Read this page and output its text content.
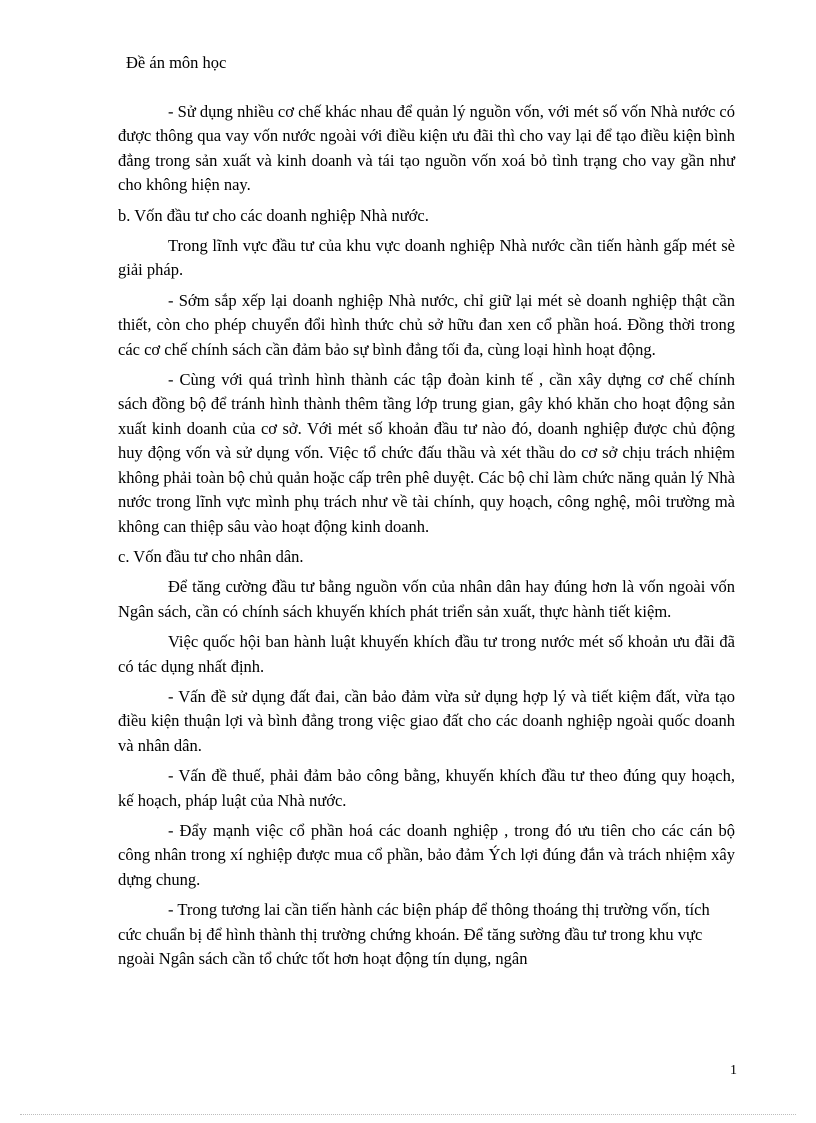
Đề án môn học

- Sử dụng nhiều cơ chế khác nhau để quản lý nguồn vốn, với mét số vốn Nhà nước có được thông qua vay vốn nước ngoài với điều kiện ưu đãi thì cho vay lại để tạo điều kiện bình đẳng trong sản xuất và kinh doanh và tái tạo nguồn vốn xoá bỏ tình trạng cho vay gần như cho không hiện nay.

b. Vốn đầu tư cho các doanh nghiệp Nhà nước.

Trong lĩnh vực đầu tư của khu vực doanh nghiệp Nhà nước cần tiến hành gấp mét sè giải pháp.

- Sớm sắp xếp lại doanh nghiệp Nhà nước, chỉ giữ lại mét sè doanh nghiệp thật cần thiết, còn cho phép chuyển đổi hình thức chủ sở hữu đan xen cổ phần hoá. Đồng thời trong các cơ chế chính sách cần đảm bảo sự bình đẳng tối đa, cùng loại hình hoạt động.

- Cùng với quá trình hình thành các tập đoàn kinh tế , cần xây dựng cơ chế chính sách đồng bộ để tránh hình thành thêm tầng lớp trung gian, gây khó khăn cho hoạt động sản xuất kinh doanh của cơ sở. Với mét số khoản đầu tư nào đó, doanh nghiệp được chủ động huy động vốn và sử dụng vốn. Việc tổ chức đấu thầu và xét thầu do cơ sở chịu trách nhiệm không phải toàn bộ chủ quản hoặc cấp trên phê duyệt. Các bộ chỉ làm chức năng quản lý Nhà nước trong lĩnh vực mình phụ trách như về tài chính, quy hoạch, công nghệ, môi trường mà không can thiệp sâu vào hoạt động kinh doanh.

c. Vốn đầu tư cho nhân dân.

Để tăng cường đầu tư bằng nguồn vốn của nhân dân hay đúng hơn là vốn ngoài vốn Ngân sách, cần có chính sách khuyến khích phát triển sản xuất, thực hành tiết kiệm.

Việc quốc hội ban hành luật khuyến khích đầu tư trong nước mét số khoản ưu đãi đã có tác dụng nhất định.

- Vấn đề sử dụng đất đai, cần bảo đảm vừa sử dụng hợp lý và tiết kiệm đất, vừa tạo điều kiện thuận lợi và bình đẳng trong việc giao đất cho các doanh nghiệp ngoài quốc doanh và nhân dân.

- Vấn đề thuế, phải đảm bảo công bằng, khuyến khích đầu tư theo đúng quy hoạch, kế hoạch, pháp luật của Nhà nước.

- Đẩy mạnh việc cổ phần hoá các doanh nghiệp , trong đó ưu tiên cho các cán bộ công nhân trong xí nghiệp được mua cổ phần, bảo đảm Ých lợi đúng đắn và trách nhiệm xây dựng chung.

- Trong tương lai cần tiến hành các biện pháp để thông thoáng thị trường vốn, tích cức chuẩn bị để hình thành thị trường chứng khoán. Để tăng sường đầu tư trong khu vực ngoài Ngân sách cần tổ chức tốt hơn hoạt động tín dụng, ngân

1
